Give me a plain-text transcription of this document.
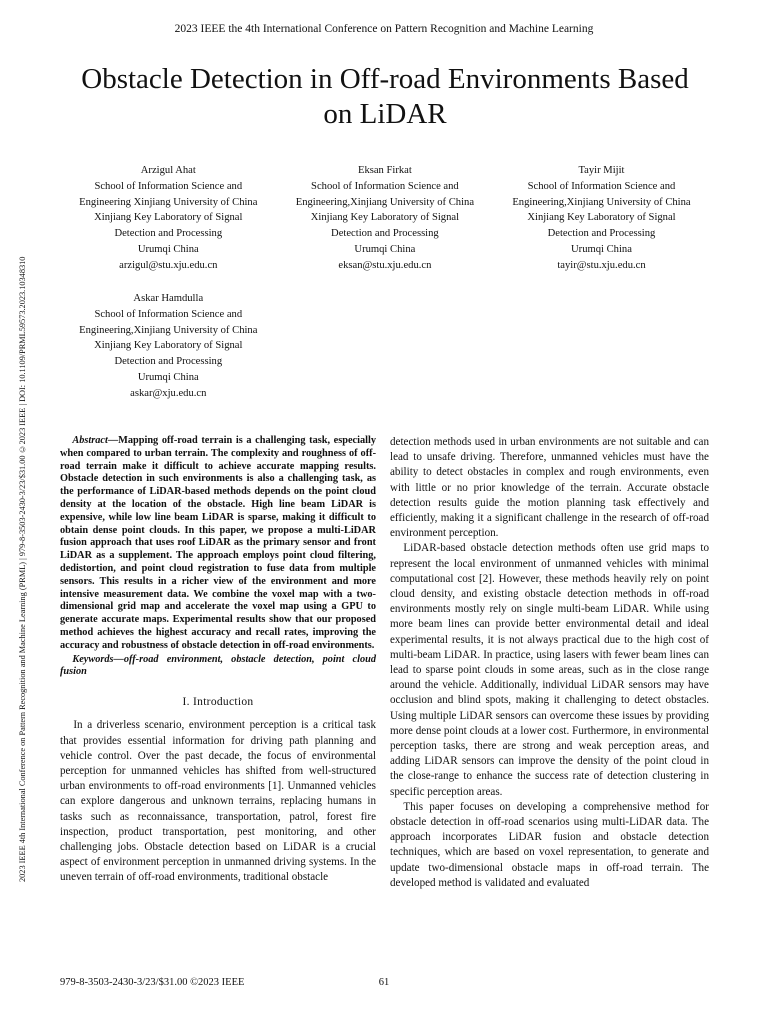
2023 IEEE the 4th International Conference on Pattern Recognition and Machine Learning
Obstacle Detection in Off-road Environments Based
on LiDAR
2023 IEEE 4th International Conference on Pattern Recognition and Machine Learning (PRML) | 979-8-3503-2430-3/23/$31.00 ©2023 IEEE | DOI: 10.1109/PRML59573.2023.10348310
Arzigul Ahat
School of Information Science and
Engineering Xinjiang University of China
Xinjiang Key Laboratory of Signal
Detection and Processing
Urumqi China
arzigul@stu.xju.edu.cn
Eksan Firkat
School of Information Science and
Engineering,Xinjiang University of China
Xinjiang Key Laboratory of Signal
Detection and Processing
Urumqi China
eksan@stu.xju.edu.cn
Tayir Mijit
School of Information Science and
Engineering,Xinjiang University of China
Xinjiang Key Laboratory of Signal
Detection and Processing
Urumqi China
tayir@stu.xju.edu.cn
Askar Hamdulla
School of Information Science and
Engineering,Xinjiang University of China
Xinjiang Key Laboratory of Signal
Detection and Processing
Urumqi China
askar@xju.edu.cn

Abstract—Mapping off-road terrain is a challenging task, especially when compared to urban terrain. The complexity and roughness of off-road terrain make it difficult to achieve accurate mapping results. Obstacle detection in such environments is also a challenging task, as the performance of LiDAR-based methods depends on the point cloud density at the location of the obstacle. High line beam LiDAR is expensive, while low line beam LiDAR is sparse, making it difficult to obtain dense point clouds. In this paper, we propose a multi-LiDAR fusion approach that uses roof LiDAR as the primary sensor and front LiDAR as a supplement. The approach employs point cloud filtering, dedistortion, and point cloud registration to fuse data from multiple sensors. This results in a richer view of the environment and more intensive measurement data. We combine the voxel map with a two-dimensional grid map and accelerate the voxel map using a GPU to generate accurate maps. Experimental results show that our proposed method achieves the highest accuracy and recall rates, improving the accuracy and robustness of obstacle detection in off-road environments.

Keywords—off-road environment, obstacle detection, point cloud fusion

I. Introduction

In a driverless scenario, environment perception is a critical task that provides essential information for driving path planning and vehicle control. Over the past decade, the focus of environmental perception for unmanned vehicles has shifted from well-structured urban environments to off-road environments [1]. Unmanned vehicles can explore dangerous and unknown terrains, replacing humans in tasks such as reconnaissance, transportation, patrol, forest fire inspection, product transportation, pest monitoring, and other challenging jobs. Obstacle detection based on LiDAR is a crucial aspect of environment perception in unmanned driving systems. In the uneven terrain of off-road environments, traditional obstacle

detection methods used in urban environments are not suitable and can lead to unsafe driving. Therefore, unmanned vehicles must have the ability to detect obstacles in complex and rough environments, even with little or no prior knowledge of the terrain. Accurate obstacle detection results guide the motion planning task effectively and efficiently, making it a significant challenge in the research of off-road environment perception.

LiDAR-based obstacle detection methods often use grid maps to represent the local environment of unmanned vehicles with minimal computational cost [2]. However, these methods heavily rely on point cloud density, and existing obstacle detection methods in off-road environments mostly rely on single multi-beam LiDAR. While using more beam lines can provide better environmental detail and ideal experimental results, it is not always practical due to the high cost of multi-beam LiDAR. In practice, using lasers with fewer beam lines can lead to sparse point clouds in some areas, such as in the close range around the vehicle. Additionally, individual LiDAR sensors may have occlusion and blind spots, making it challenging to detect obstacles. Using multiple LiDAR sensors can overcome these issues by providing more dense point clouds at a lower cost. Furthermore, in environmental perception tasks, there are strong and weak perception areas, and adding LiDAR sensors can improve the density of the point cloud in the close-range to enhance the success rate of detection clustering in specific perception areas.

This paper focuses on developing a comprehensive method for obstacle detection in off-road scenarios using multi-LiDAR data. The approach incorporates LiDAR fusion and obstacle detection techniques, which are based on voxel representation, to generate and update two-dimensional obstacle maps in off-road terrain. The developed method is validated and evaluated

979-8-3503-2430-3/23/$31.00 ©2023 IEEE	61
